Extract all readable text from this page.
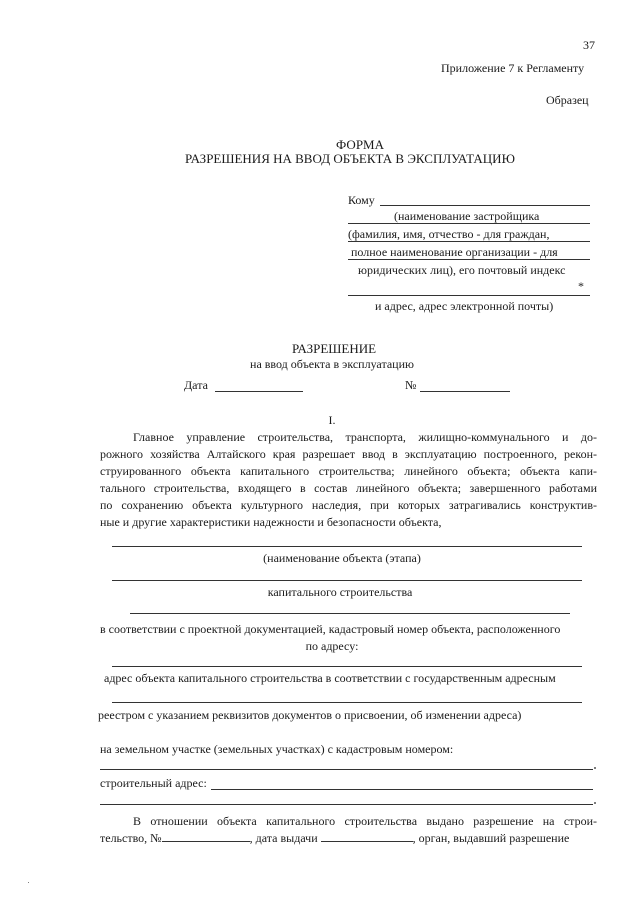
37
Приложение 7 к Регламенту
Образец
ФОРМА
РАЗРЕШЕНИЯ НА ВВОД ОБЪЕКТА В ЭКСПЛУАТАЦИЮ
Кому
(наименование застройщика
(фамилия, имя, отчество - для граждан,
полное наименование организации - для
юридических лиц), его почтовый индекс
*
и адрес, адрес электронной почты)
РАЗРЕШЕНИЕ
на ввод объекта в эксплуатацию
Дата	№
I.
Главное управление строительства, транспорта, жилищно-коммунального и до-
рожного хозяйства Алтайского края разрешает ввод в эксплуатацию построенного, рекон-
струированного объекта капитального строительства; линейного объекта; объекта капи-
тального строительства, входящего в состав линейного объекта; завершенного работами
по сохранению объекта культурного наследия, при которых затрагивались конструктив-
ные и другие характеристики надежности и безопасности объекта,
(наименование объекта (этапа)
капитального строительства
в соответствии с проектной документацией, кадастровый номер объекта, расположенного
по адресу:
адрес объекта капитального строительства в соответствии с государственным адресным
реестром с указанием реквизитов документов о присвоении, об изменении адреса)
на земельном участке (земельных участках) с кадастровым номером:
строительный адрес:
В отношении объекта капитального строительства выдано разрешение на строи-
тельство, №	, дата выдачи	, орган, выдавший разрешение
